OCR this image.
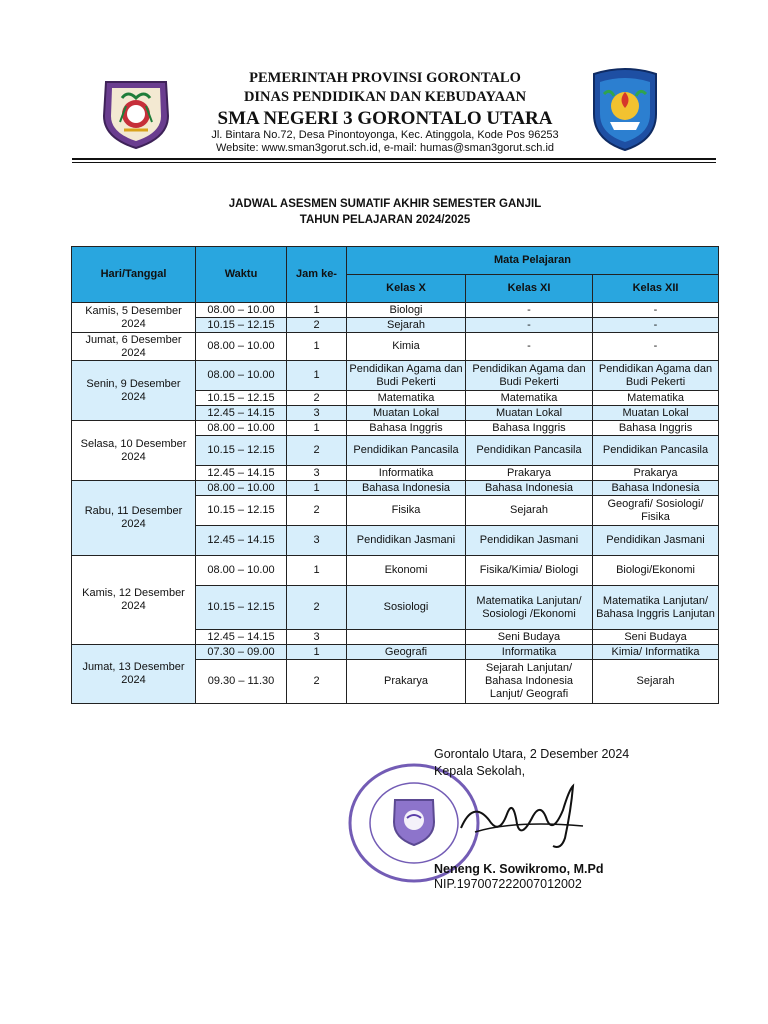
PEMERINTAH PROVINSI GORONTALO
DINAS PENDIDIKAN DAN KEBUDAYAAN
SMA NEGERI 3 GORONTALO UTARA
Jl. Bintara No.72, Desa Pinontoyonga, Kec. Atinggola, Kode Pos 96253
Website: www.sman3gorut.sch.id, e-mail: humas@sman3gorut.sch.id
JADWAL ASESMEN SUMATIF AKHIR SEMESTER GANJIL
TAHUN PELAJARAN 2024/2025
Hari/Tanggal	Waktu	Jam ke-	Mata Pelajaran		
			Kelas X	Kelas XI	Kelas XII
Kamis, 5 Desember 2024	08.00 – 10.00	1	Biologi	-	-
	10.15 – 12.15	2	Sejarah	-	-
Jumat, 6 Desember 2024	08.00 – 10.00	1	Kimia	-	-
Senin, 9 Desember 2024	08.00 – 10.00	1	Pendidikan Agama dan Budi Pekerti	Pendidikan Agama dan Budi Pekerti	Pendidikan Agama dan Budi Pekerti
	10.15 – 12.15	2	Matematika	Matematika	Matematika
	12.45 – 14.15	3	Muatan Lokal	Muatan Lokal	Muatan Lokal
Selasa, 10 Desember 2024	08.00 – 10.00	1	Bahasa Inggris	Bahasa Inggris	Bahasa Inggris
	10.15 – 12.15	2	Pendidikan Pancasila	Pendidikan Pancasila	Pendidikan Pancasila
	12.45 – 14.15	3	Informatika	Prakarya	Prakarya
Rabu, 11 Desember 2024	08.00 – 10.00	1	Bahasa Indonesia	Bahasa Indonesia	Bahasa Indonesia
	10.15 – 12.15	2	Fisika	Sejarah	Geografi/ Sosiologi/ Fisika
	12.45 – 14.15	3	Pendidikan Jasmani	Pendidikan Jasmani	Pendidikan Jasmani
Kamis, 12 Desember 2024	08.00 – 10.00	1	Ekonomi	Fisika/Kimia/ Biologi	Biologi/Ekonomi
	10.15 – 12.15	2	Sosiologi	Matematika Lanjutan/ Sosiologi /Ekonomi	Matematika Lanjutan/ Bahasa Inggris Lanjutan
	12.45 – 14.15	3		Seni Budaya	Seni Budaya
Jumat, 13 Desember 2024	07.30 – 09.00	1	Geografi	Informatika	Kimia/ Informatika
	09.30 – 11.30	2	Prakarya	Sejarah Lanjutan/ Bahasa Indonesia Lanjut/ Geografi	Sejarah
Gorontalo Utara, 2 Desember 2024
Kepala Sekolah,
Neneng K. Sowikromo, M.Pd
NIP.197007222007012002
